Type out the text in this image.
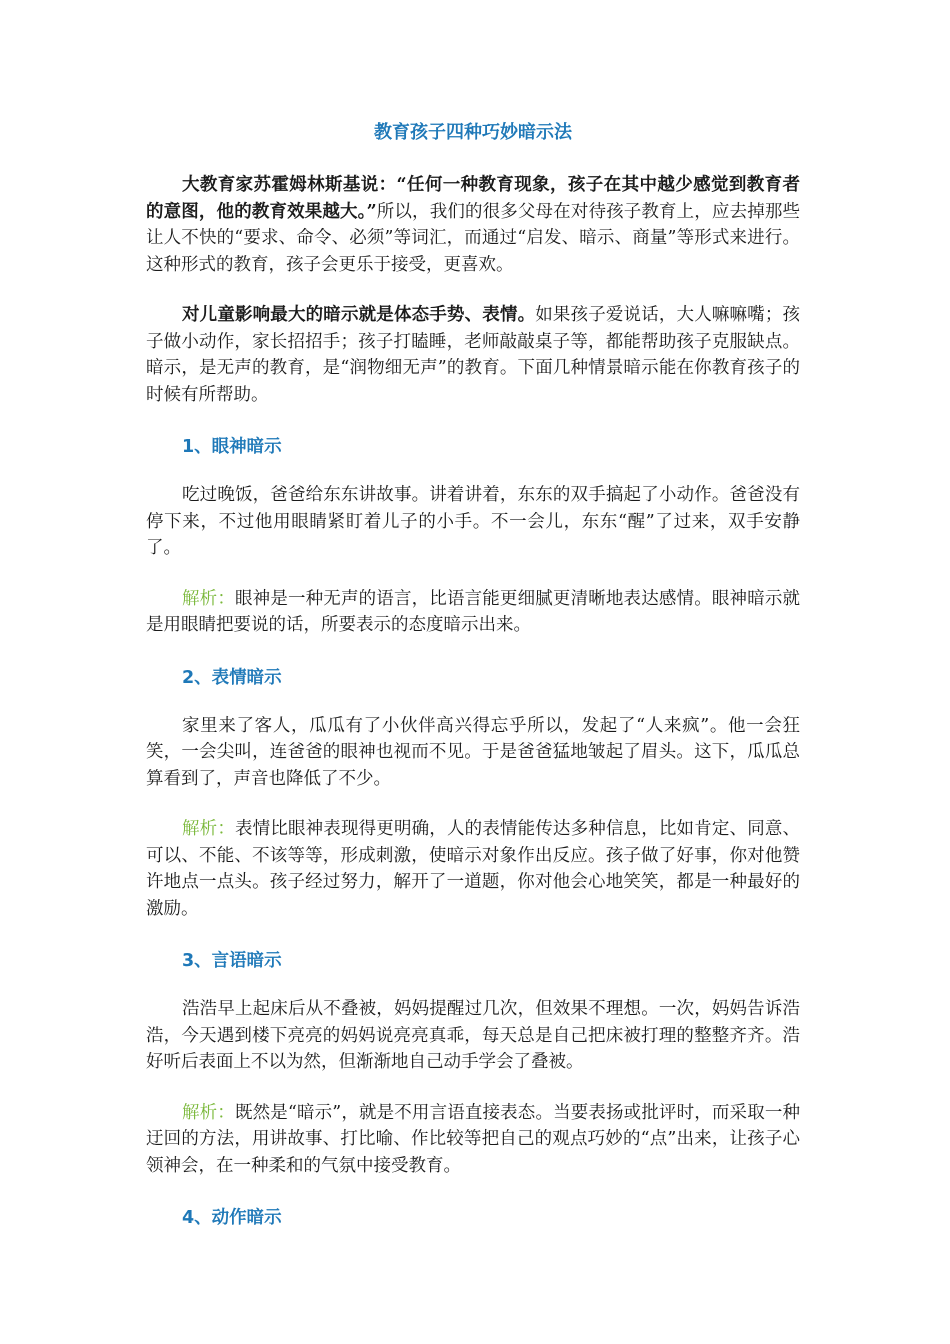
教育孩子四种巧妙暗示法

大教育家苏霍姆林斯基说：“任何一种教育现象，孩子在其中越少感觉到教育者的意图，他的教育效果越大。”所以，我们的很多父母在对待孩子教育上，应去掉那些让人不快的“要求、命令、必须”等词汇，而通过“启发、暗示、商量”等形式来进行。这种形式的教育，孩子会更乐于接受，更喜欢。

对儿童影响最大的暗示就是体态手势、表情。如果孩子爱说话，大人嘛嘛嘴；孩子做小动作，家长招招手；孩子打瞌睡，老师敲敲桌子等，都能帮助孩子克服缺点。暗示，是无声的教育，是“润物细无声”的教育。下面几种情景暗示能在你教育孩子的时候有所帮助。

1、眼神暗示

吃过晚饭，爸爸给东东讲故事。讲着讲着，东东的双手搞起了小动作。爸爸没有停下来，不过他用眼睛紧盯着儿子的小手。不一会儿，东东“醒”了过来，双手安静了。

解析：眼神是一种无声的语言，比语言能更细腻更清晰地表达感情。眼神暗示就是用眼睛把要说的话，所要表示的态度暗示出来。

2、表情暗示

家里来了客人，瓜瓜有了小伙伴高兴得忘乎所以，发起了“人来疯”。他一会狂笑，一会尖叫，连爸爸的眼神也视而不见。于是爸爸猛地皱起了眉头。这下，瓜瓜总算看到了，声音也降低了不少。

解析：表情比眼神表现得更明确，人的表情能传达多种信息，比如肯定、同意、可以、不能、不该等等，形成刺激，使暗示对象作出反应。孩子做了好事，你对他赞许地点一点头。孩子经过努力，解开了一道题，你对他会心地笑笑，都是一种最好的激励。

3、言语暗示

浩浩早上起床后从不叠被，妈妈提醒过几次，但效果不理想。一次，妈妈告诉浩浩，今天遇到楼下亮亮的妈妈说亮亮真乖，每天总是自己把床被打理的整整齐齐。浩好听后表面上不以为然，但渐渐地自己动手学会了叠被。

解析：既然是“暗示”，就是不用言语直接表态。当要表扬或批评时，而采取一种迂回的方法，用讲故事、打比喻、作比较等把自己的观点巧妙的“点”出来，让孩子心领神会，在一种柔和的气氛中接受教育。

4、动作暗示
